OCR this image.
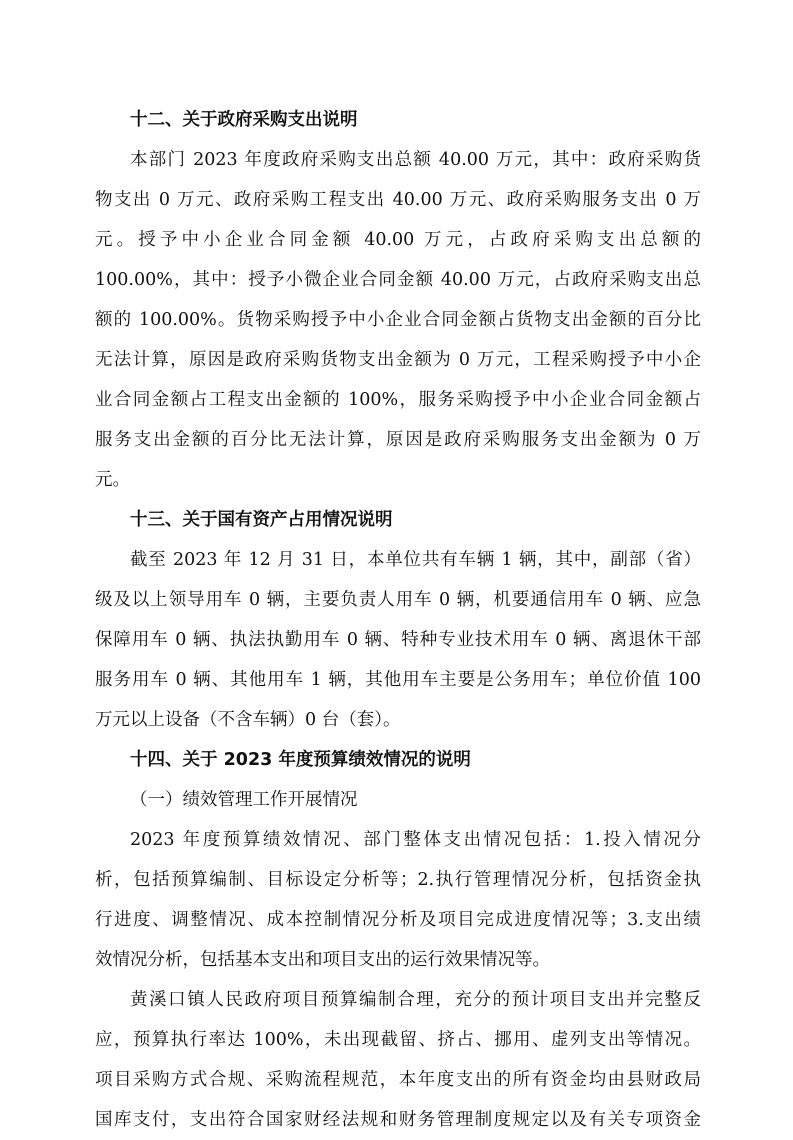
十二、关于政府采购支出说明
本部门 2023 年度政府采购支出总额 40.00 万元，其中：政府采购货
物支出 0 万元、政府采购工程支出 40.00 万元、政府采购服务支出 0 万
元。授予中小企业合同金额 40.00 万元，占政府采购支出总额的
100.00%，其中：授予小微企业合同金额 40.00 万元，占政府采购支出总
额的 100.00%。货物采购授予中小企业合同金额占货物支出金额的百分比
无法计算，原因是政府采购货物支出金额为 0 万元，工程采购授予中小企
业合同金额占工程支出金额的 100%，服务采购授予中小企业合同金额占
服务支出金额的百分比无法计算，原因是政府采购服务支出金额为 0 万
元。
十三、关于国有资产占用情况说明
截至 2023 年 12 月 31 日，本单位共有车辆 1 辆，其中，副部（省）
级及以上领导用车 0 辆，主要负责人用车 0 辆，机要通信用车 0 辆、应急
保障用车 0 辆、执法执勤用车 0 辆、特种专业技术用车 0 辆、离退休干部
服务用车 0 辆、其他用车 1 辆，其他用车主要是公务用车；单位价值 100
万元以上设备（不含车辆）0 台（套）。
十四、关于 2023 年度预算绩效情况的说明
（一）绩效管理工作开展情况
2023 年度预算绩效情况、部门整体支出情况包括：1.投入情况分
析，包括预算编制、目标设定分析等；2.执行管理情况分析，包括资金执
行进度、调整情况、成本控制情况分析及项目完成进度情况等；3.支出绩
效情况分析，包括基本支出和项目支出的运行效果情况等。
黄溪口镇人民政府项目预算编制合理，充分的预计项目支出并完整反
应，预算执行率达 100%，未出现截留、挤占、挪用、虚列支出等情况。
项目采购方式合规、采购流程规范，本年度支出的所有资金均由县财政局
国库支付，支出符合国家财经法规和财务管理制度规定以及有关专项资金
